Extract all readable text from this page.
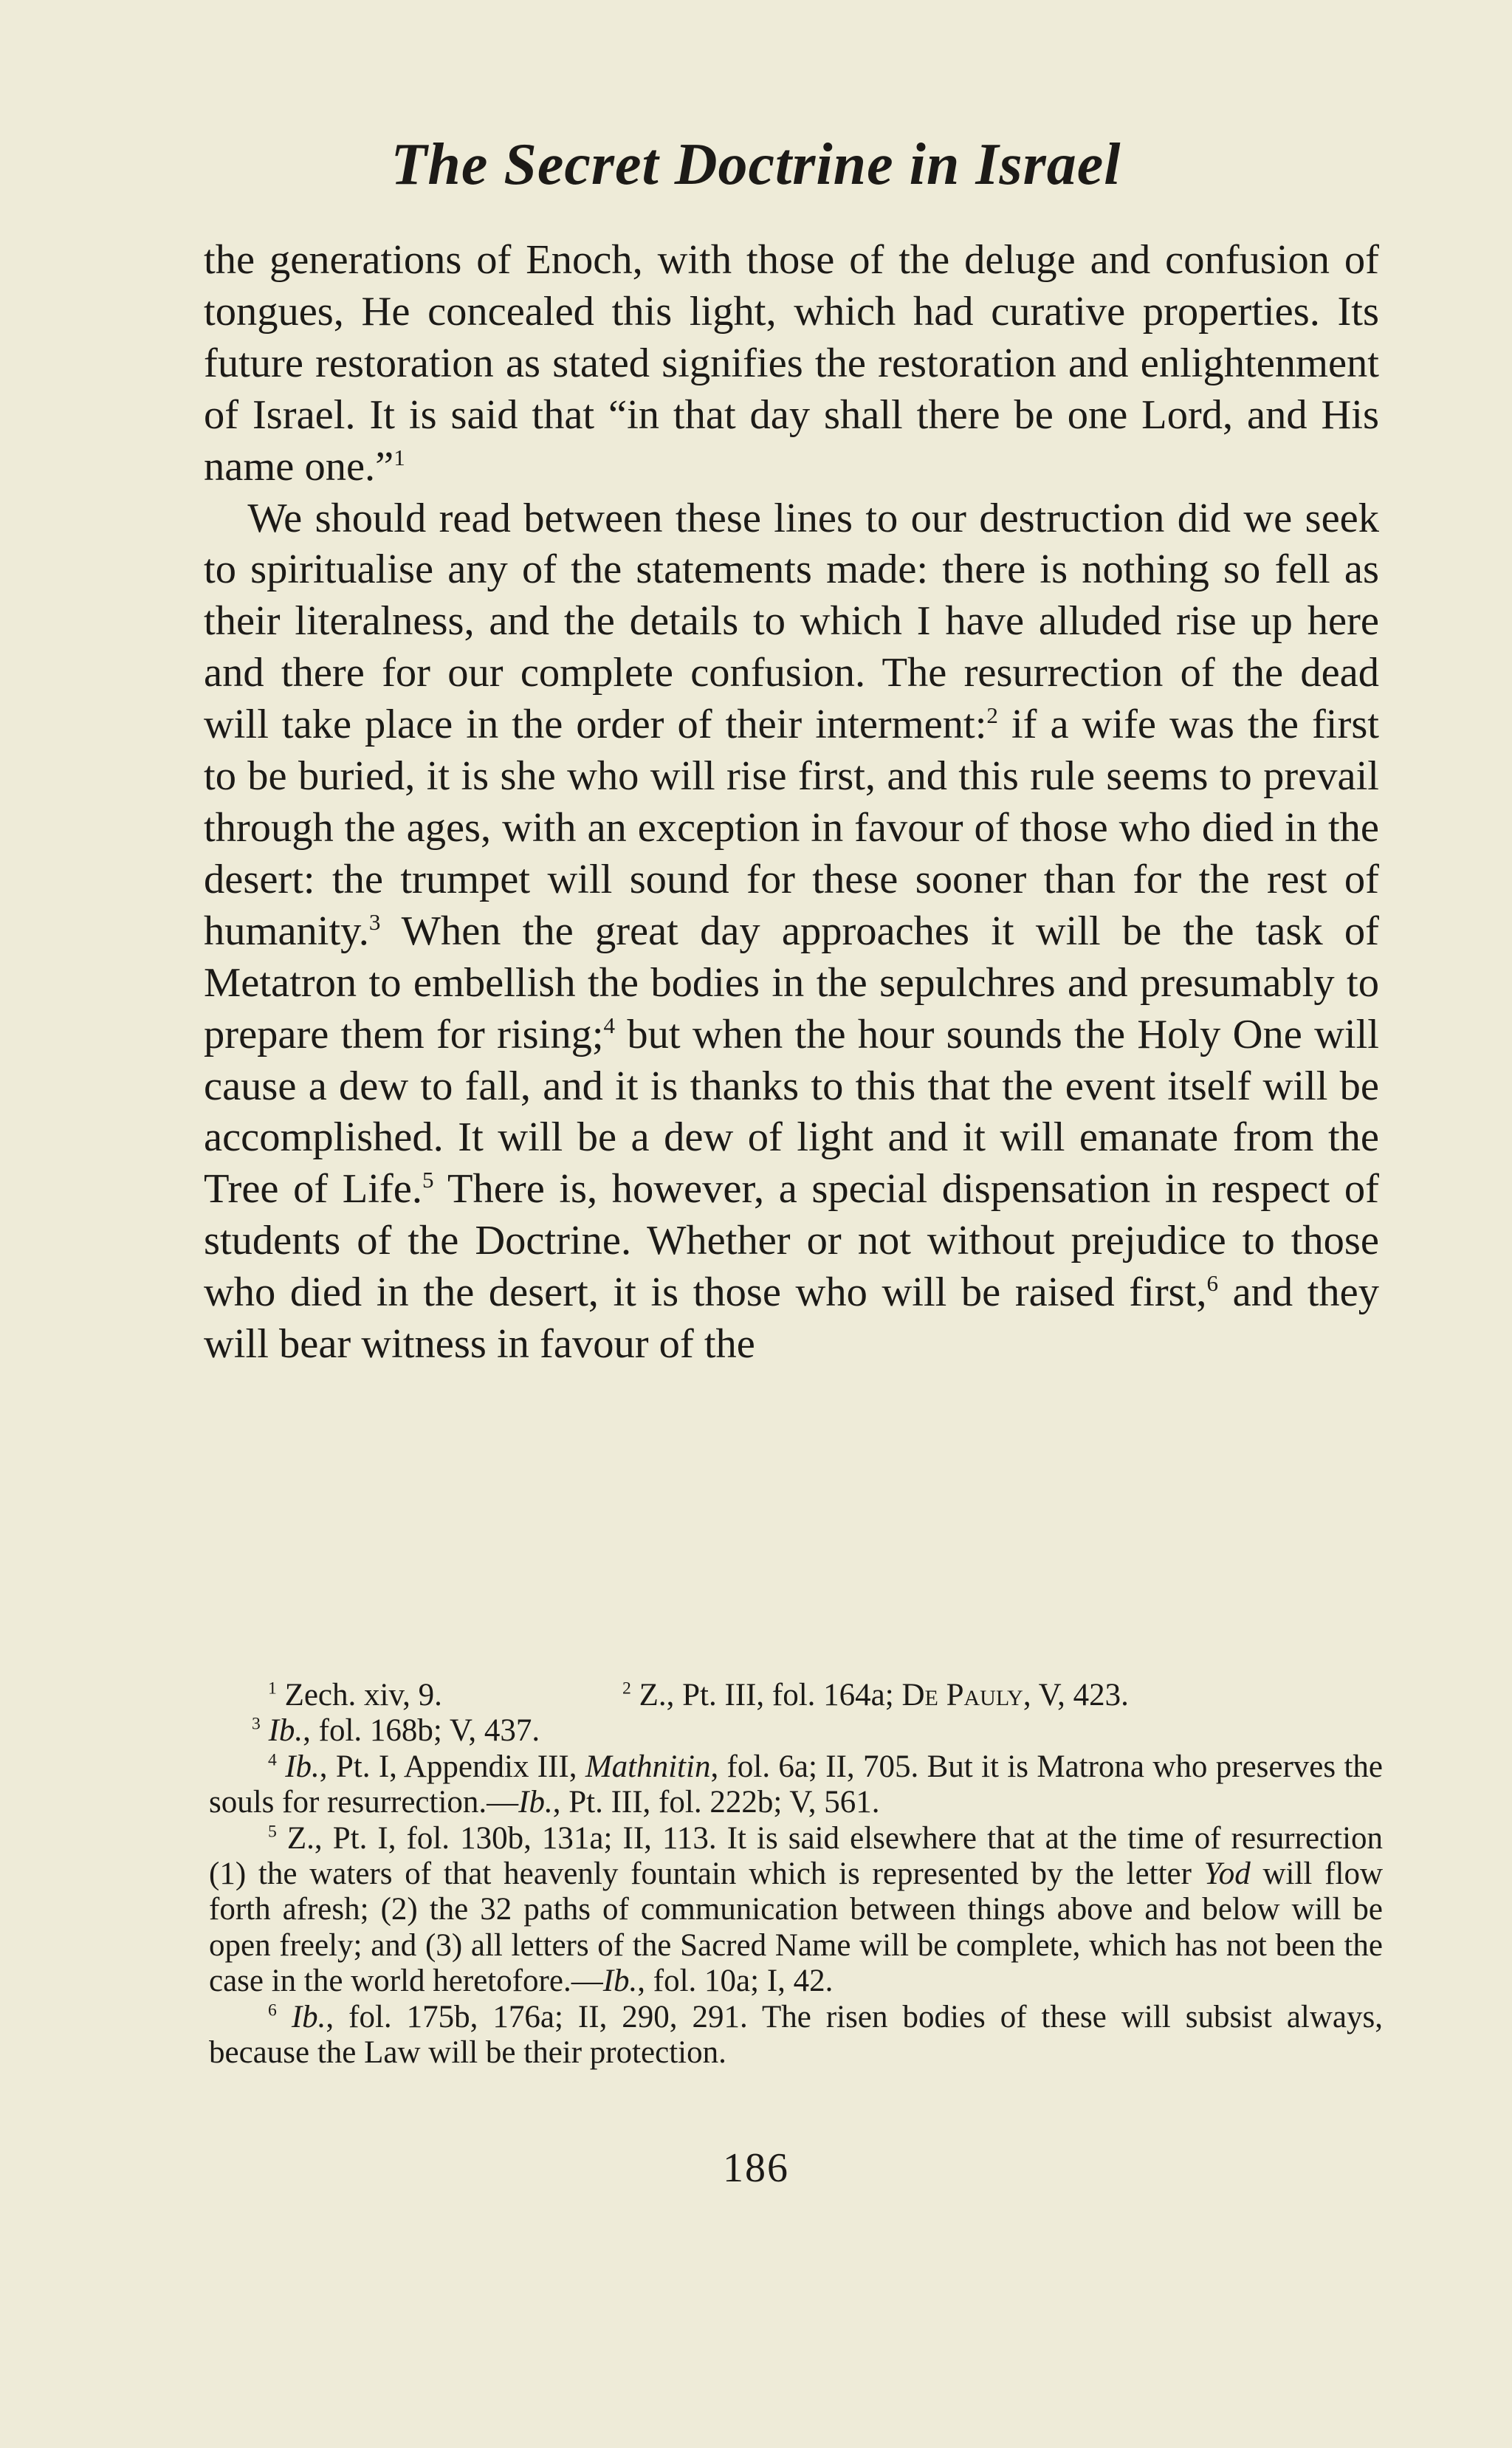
The Secret Doctrine in Israel

the generations of Enoch, with those of the deluge and confusion of tongues, He concealed this light, which had curative properties. Its future restoration as stated signifies the restoration and enlightenment of Israel. It is said that “in that day shall there be one Lord, and His name one.”$^1$

We should read between these lines to our destruction did we seek to spiritualise any of the statements made: there is nothing so fell as their literalness, and the details to which I have alluded rise up here and there for our complete confusion. The resurrection of the dead will take place in the order of their interment:$^2$ if a wife was the first to be buried, it is she who will rise first, and this rule seems to prevail through the ages, with an exception in favour of those who died in the desert: the trumpet will sound for these sooner than for the rest of humanity.$^3$ When the great day approaches it will be the task of Metatron to embellish the bodies in the sepulchres and presumably to prepare them for rising;$^4$ but when the hour sounds the Holy One will cause a dew to fall, and it is thanks to this that the event itself will be accomplished. It will be a dew of light and it will emanate from the Tree of Life.$^5$ There is, however, a special dispensation in respect of students of the Doctrine. Whether or not without prejudice to those who died in the desert, it is those who will be raised first,$^6$ and they will bear witness in favour of the

$^1$ Zech. xiv, 9.	$^2$ Z., Pt. III, fol. 164a; De Pauly, V, 423.

$^3$ Ib., fol. 168b; V, 437.

$^4$ Ib., Pt. I, Appendix III, Mathnitin, fol. 6a; II, 705. But it is Matrona who preserves the souls for resurrection.—Ib., Pt. III, fol. 222b; V, 561.

$^5$ Z., Pt. I, fol. 130b, 131a; II, 113. It is said elsewhere that at the time of resurrection (1) the waters of that heavenly fountain which is represented by the letter Yod will flow forth afresh; (2) the 32 paths of communication between things above and below will be open freely; and (3) all letters of the Sacred Name will be complete, which has not been the case in the world heretofore.—Ib., fol. 10a; I, 42.

$^6$ Ib., fol. 175b, 176a; II, 290, 291. The risen bodies of these will subsist always, because the Law will be their protection.

186
